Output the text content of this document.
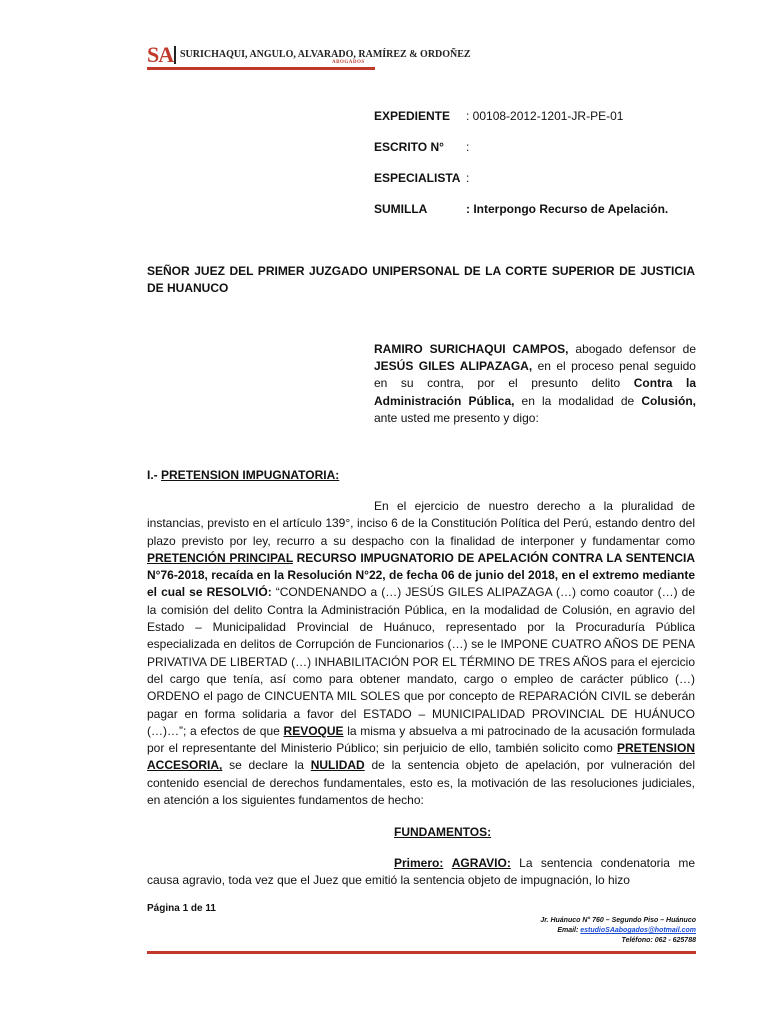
SA SURICHAQUI, ANGULO, ALVARADO, RAMÍREZ & ORDOÑEZ
ABOGADOS
EXPEDIENTE : 00108-2012-1201-JR-PE-01
ESCRITO N° :
ESPECIALISTA :
SUMILLA	: Interpongo Recurso de Apelación.
SEÑOR JUEZ DEL PRIMER JUZGADO UNIPERSONAL DE LA CORTE SUPERIOR DE JUSTICIA DE HUANUCO
RAMIRO SURICHAQUI CAMPOS, abogado defensor de JESÚS GILES ALIPAZAGA, en el proceso penal seguido en su contra, por el presunto delito Contra la Administración Pública, en la modalidad de Colusión, ante usted me presento y digo:
I.- PRETENSION IMPUGNATORIA:
En el ejercicio de nuestro derecho a la pluralidad de instancias, previsto en el artículo 139°, inciso 6 de la Constitución Política del Perú, estando dentro del plazo previsto por ley, recurro a su despacho con la finalidad de interponer y fundamentar como PRETENCIÓN PRINCIPAL RECURSO IMPUGNATORIO DE APELACIÓN CONTRA LA SENTENCIA N°76-2018, recaída en la Resolución N°22, de fecha 06 de junio del 2018, en el extremo mediante el cual se RESOLVIÓ: “CONDENANDO a (…) JESÚS GILES ALIPAZAGA (…) como coautor (…) de la comisión del delito Contra la Administración Pública, en la modalidad de Colusión, en agravio del Estado – Municipalidad Provincial de Huánuco, representado por la Procuraduría Pública especializada en delitos de Corrupción de Funcionarios (…) se le IMPONE CUATRO AÑOS DE PENA PRIVATIVA DE LIBERTAD (…) INHABILITACIÓN POR EL TÉRMINO DE TRES AÑOS para el ejercicio del cargo que tenía, así como para obtener mandato, cargo o empleo de carácter público (…) ORDENO el pago de CINCUENTA MIL SOLES que por concepto de REPARACIÓN CIVIL se deberán pagar en forma solidaria a favor del ESTADO – MUNICIPALIDAD PROVINCIAL DE HUÁNUCO (…)…”; a efectos de que REVOQUE la misma y absuelva a mi patrocinado de la acusación formulada por el representante del Ministerio Público; sin perjuicio de ello, también solicito como PRETENSION ACCESORIA, se declare la NULIDAD de la sentencia objeto de apelación, por vulneración del contenido esencial de derechos fundamentales, esto es, la motivación de las resoluciones judiciales, en atención a los siguientes fundamentos de hecho:
FUNDAMENTOS:
Primero: AGRAVIO: La sentencia condenatoria me causa agravio, toda vez que el Juez que emitió la sentencia objeto de impugnación, lo hizo
Página 1 de 11
Jr. Huánuco N° 760 – Segundo Piso – Huánuco
Email: estudioSAabogados@hotmail.com
Teléfono: 062 - 625788
